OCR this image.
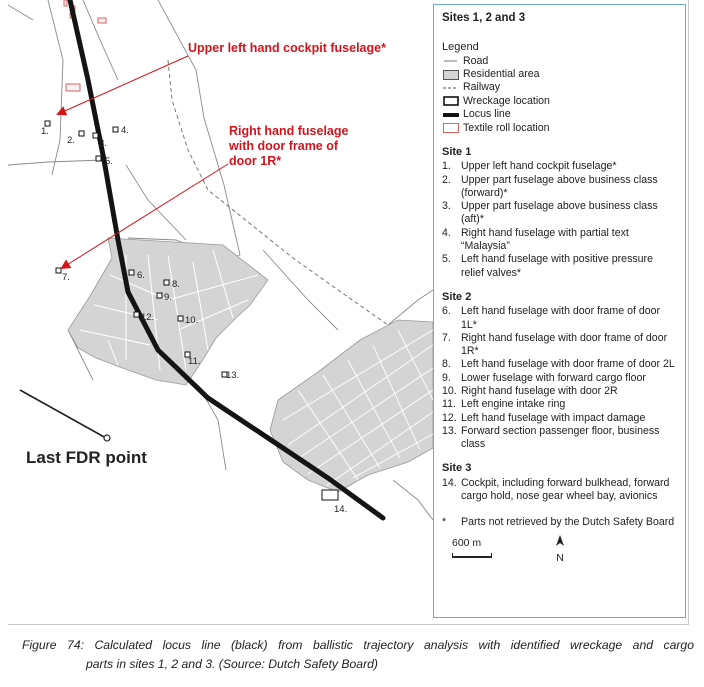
1.
2.	3.
4.
5.
6.
7.
8.
9.
10.
11.
12.
13.
14.
Upper left hand cockpit fuselage*
Right hand fuselage with door frame of door 1R*
Last FDR point
Sites 1, 2 and 3
Legend
Road
Residential area
Railway
Wreckage location
Locus line
Textile roll location
Site 1
1. Upper left hand cockpit fuselage*
2. Upper part fuselage above business class (forward)*
3. Upper part fuselage above business class (aft)*
4. Right hand fuselage with partial text “Malaysia”
5. Left hand fuselage with positive pressure relief valves*
Site 2
6. Left hand fuselage with door frame of door 1L*
7. Right hand fuselage with door frame of door 1R*
8. Left hand fuselage with door frame of door 2L
9. Lower fuselage with forward cargo floor
10. Right hand fuselage with door 2R
11. Left engine intake ring
12. Left hand fuselage with impact damage
13. Forward section passenger floor, business class
Site 3
14. Cockpit, including forward bulkhead, forward cargo hold, nose gear wheel bay, avionics
*	Parts not retrieved by the Dutch Safety Board
600 m
N
Figure 74: Calculated locus line (black) from ballistic trajectory analysis with identified wreckage and cargo
parts in sites 1, 2 and 3. (Source: Dutch Safety Board)
